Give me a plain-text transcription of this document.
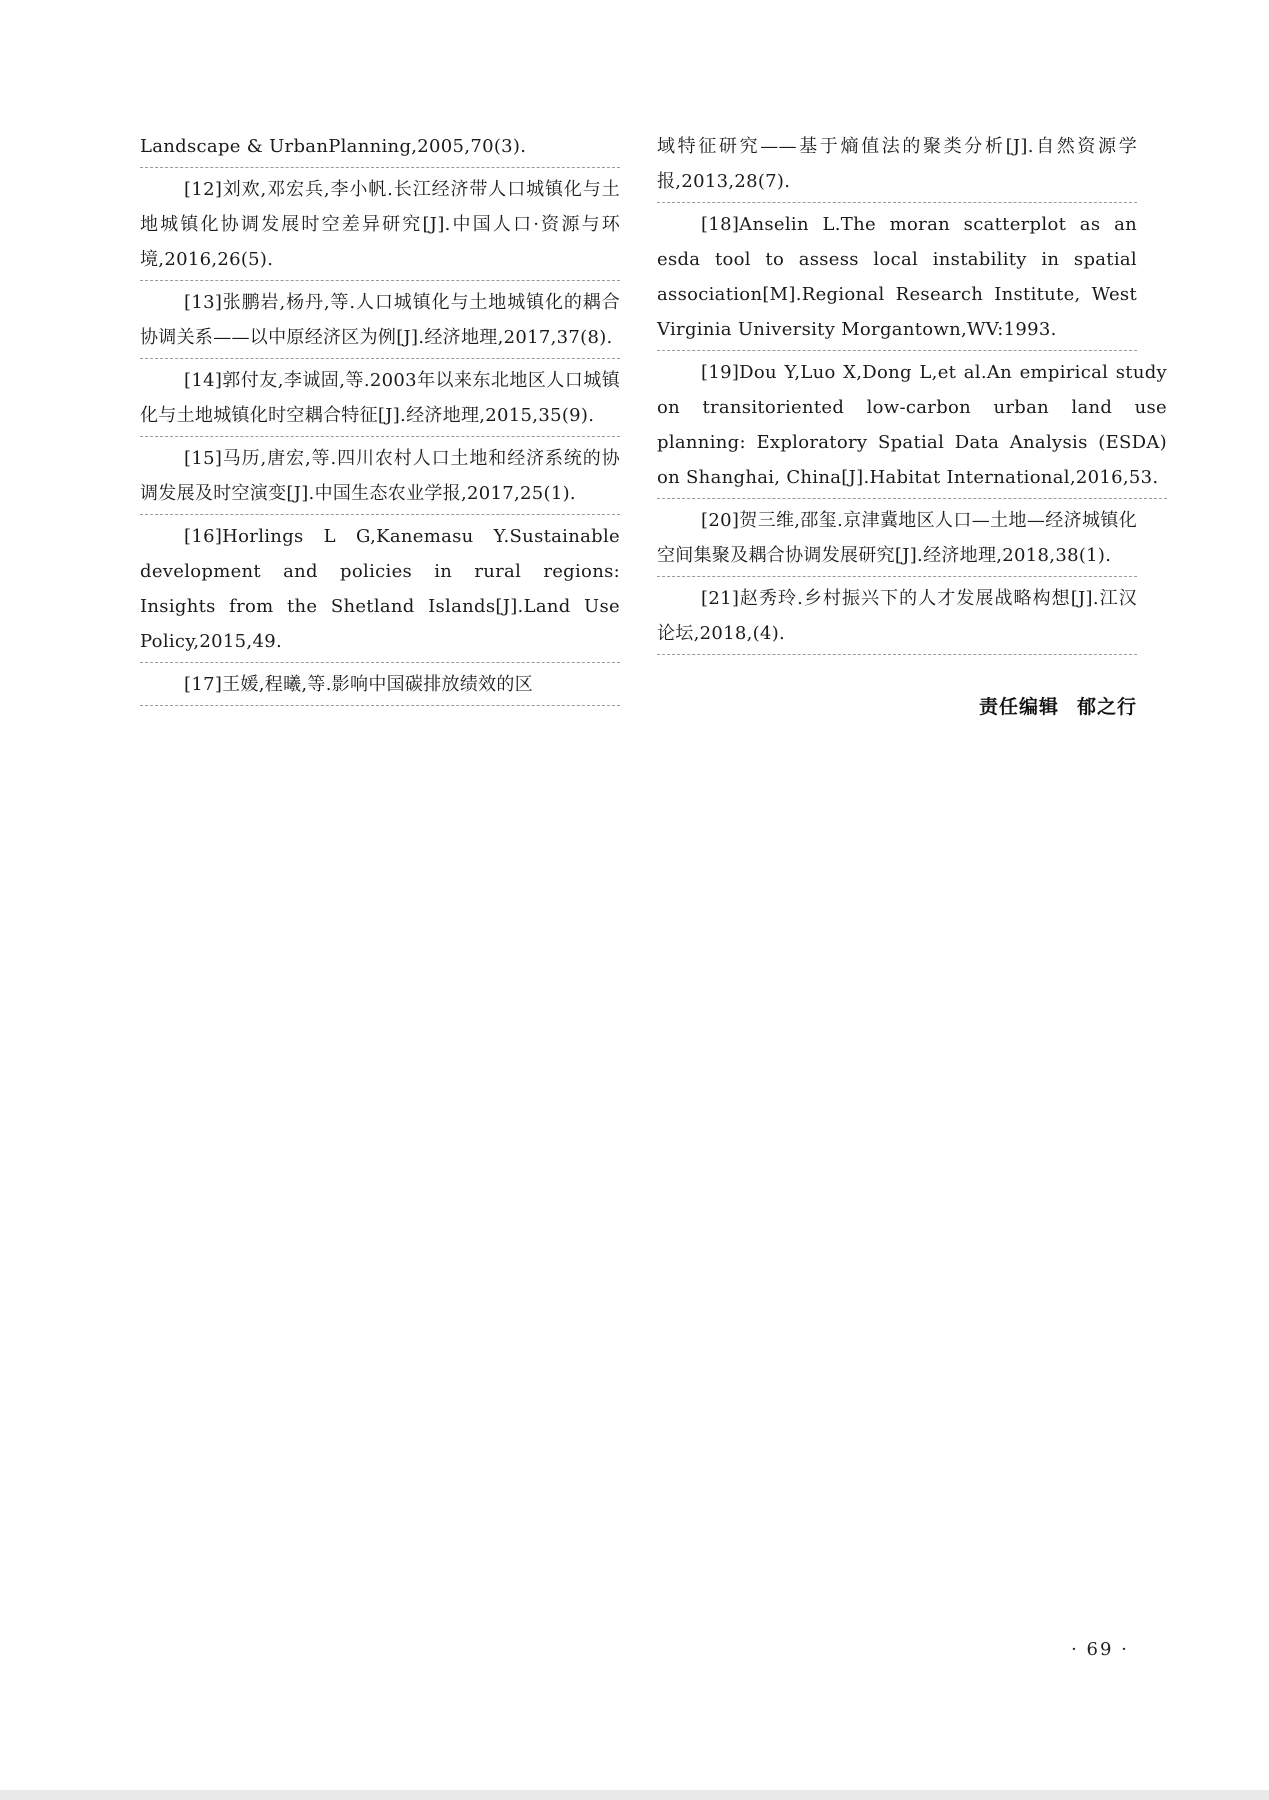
Landscape & UrbanPlanning,2005,70(3).

[12]刘欢,邓宏兵,李小帆.长江经济带人口城镇化与土地城镇化协调发展时空差异研究[J].中国人口·资源与环境,2016,26(5).

[13]张鹏岩,杨丹,等.人口城镇化与土地城镇化的耦合协调关系——以中原经济区为例[J].经济地理,2017,37(8).

[14]郭付友,李诚固,等.2003年以来东北地区人口城镇化与土地城镇化时空耦合特征[J].经济地理,2015,35(9).

[15]马历,唐宏,等.四川农村人口土地和经济系统的协调发展及时空演变[J].中国生态农业学报,2017,25(1).

[16]Horlings L G,Kanemasu Y.Sustainable development and policies in rural regions: Insights from the Shetland Islands[J].Land Use Policy,2015,49.

[17]王媛,程曦,等.影响中国碳排放绩效的区

域特征研究——基于熵值法的聚类分析[J].自然资源学报,2013,28(7).

[18]Anselin L.The moran scatterplot as an esda tool to assess local instability in spatial association[M].Regional Research Institute, West Virginia University Morgantown,WV:1993.

[19]Dou Y,Luo X,Dong L,et al.An empirical study on transitoriented low-carbon urban land use planning: Exploratory Spatial Data Analysis (ESDA) on Shanghai, China[J].Habitat International,2016,53.

[20]贺三维,邵玺.京津冀地区人口—土地—经济城镇化空间集聚及耦合协调发展研究[J].经济地理,2018,38(1).

[21]赵秀玲.乡村振兴下的人才发展战略构想[J].江汉论坛,2018,(4).

责任编辑 郁之行
· 69 ·
